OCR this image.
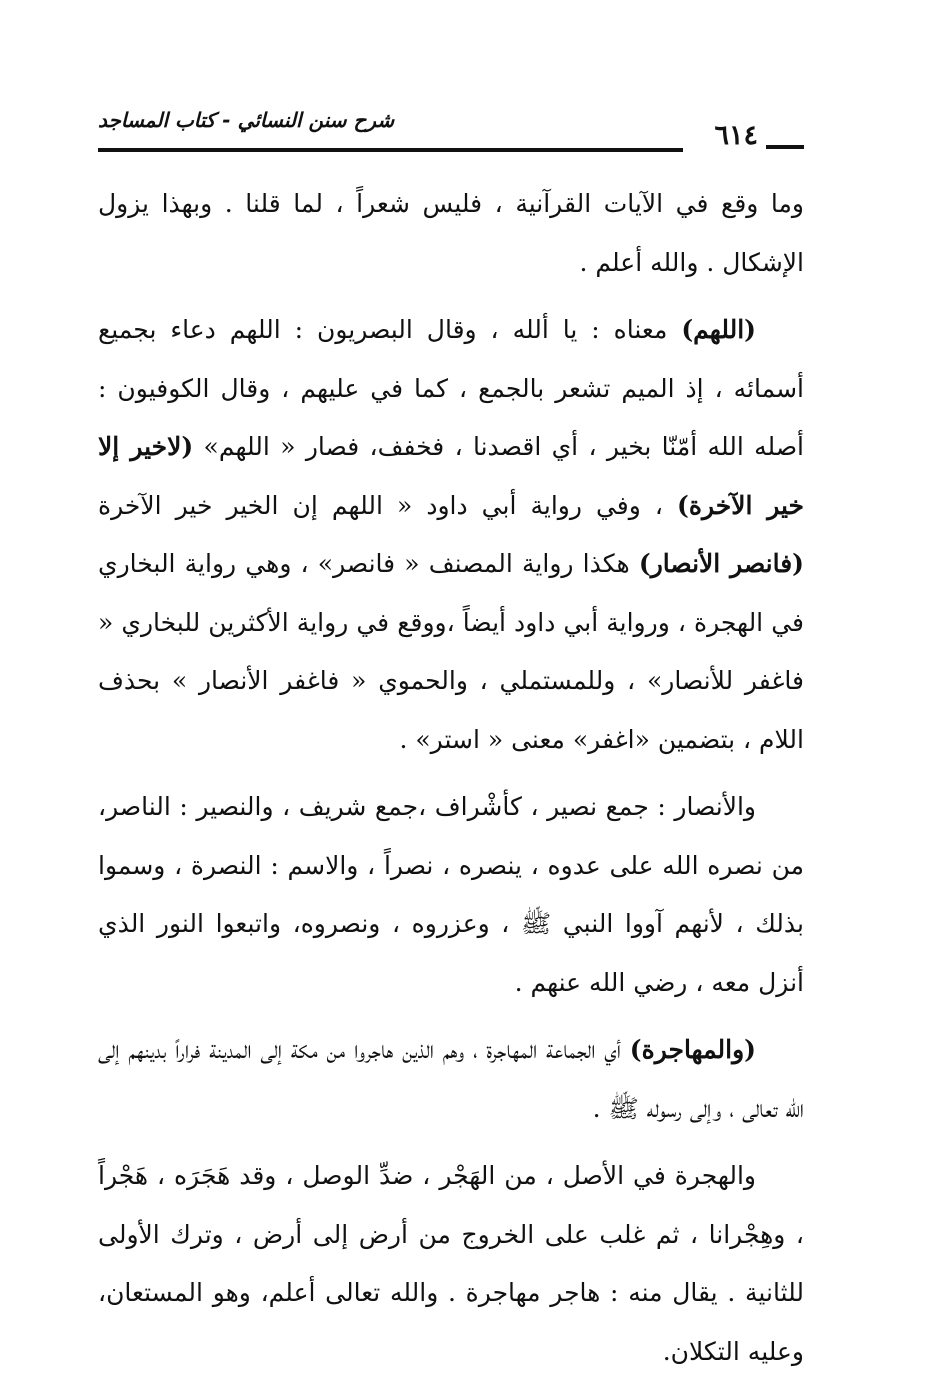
٦١٤
شرح سنن النسائي - كتاب المساجد

وما وقع في الآيات القرآنية ، فليس شعراً ، لما قلنا . وبهذا يزول الإشكال . والله أعلم .

(اللهم) معناه : يا ألله ، وقال البصريون : اللهم دعاء بجميع أسمائه ، إذ الميم تشعر بالجمع ، كما في عليهم ، وقال الكوفيون : أصله الله أمّنّا بخير ، أي اقصدنا ، فخفف، فصار « اللهم» (لاخير إلا خير الآخرة) ، وفي رواية أبي داود « اللهم إن الخير خير الآخرة (فانصر الأنصار) هكذا رواية المصنف « فانصر» ، وهي رواية البخاري في الهجرة ، ورواية أبي داود أيضاً ،ووقع في رواية الأكثرين للبخاري « فاغفر للأنصار» ، وللمستملي ، والحموي « فاغفر الأنصار » بحذف اللام ، بتضمين «اغفر» معنى « استر» .

والأنصار : جمع نصير ، كأشْراف ،جمع شريف ، والنصير : الناصر، من نصره الله على عدوه ، ينصره ، نصراً ، والاسم : النصرة ، وسموا بذلك ، لأنهم آووا النبي ﷺ ، وعزروه ، ونصروه، واتبعوا النور الذي أنزل معه ، رضي الله عنهم .

(والمهاجرة) أي الجماعة المهاجرة ، وهم الذين هاجروا من مكة إلى المدينة فراراً بدينهم إلى الله تعالى ، وإلى رسوله ﷺ .

والهجرة في الأصل ، من الهَجْر ، ضدِّ الوصل ، وقد هَجَرَه ، هَجْراً ، وهِجْرانا ، ثم غلب على الخروج من أرض إلى أرض ، وترك الأولى للثانية . يقال منه : هاجر مهاجرة . والله تعالى أعلم، وهو المستعان، وعليه التكلان.
